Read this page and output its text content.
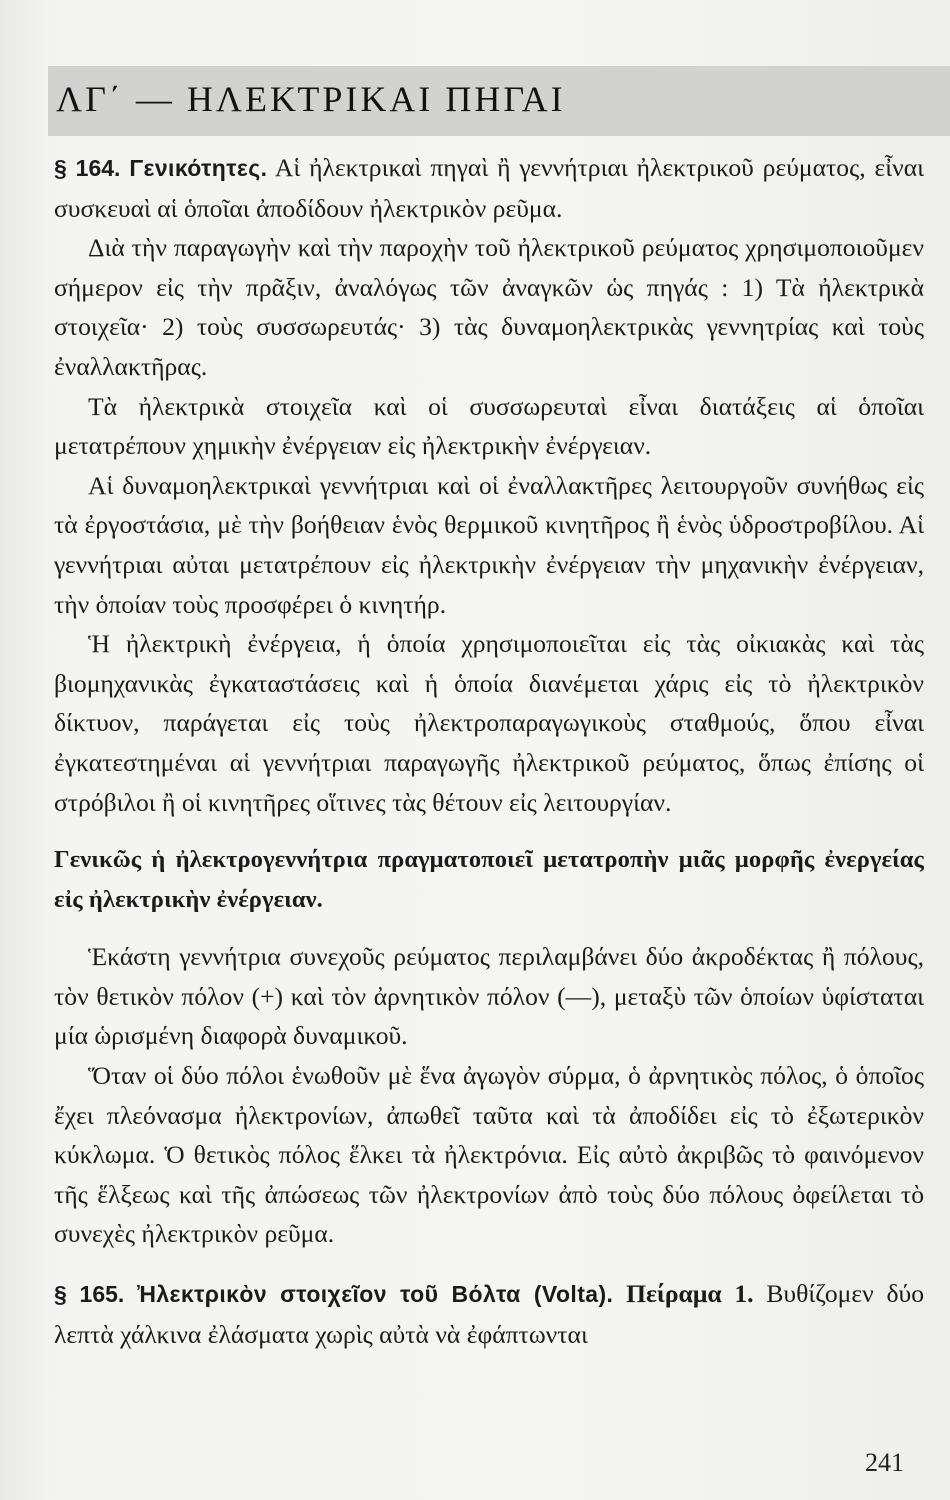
ΛΓ΄ — ΗΛΕΚΤΡΙΚΑΙ ΠΗΓΑΙ

§ 164. Γενικότητες. Αἱ ἠλεκτρικαὶ πηγαὶ ἢ γεννήτριαι ἠλεκτρικοῦ ρεύματος, εἶναι συσκευαὶ αἱ ὁποῖαι ἀποδίδουν ἠλεκτρικὸν ρεῦμα.

Διὰ τὴν παραγωγὴν καὶ τὴν παροχὴν τοῦ ἠλεκτρικοῦ ρεύματος χρησιμοποιοῦμεν σήμερον εἰς τὴν πρᾶξιν, ἀναλόγως τῶν ἀναγκῶν ὡς πηγάς : 1) Τὰ ἠλεκτρικὰ στοιχεῖα· 2) τοὺς συσσωρευτάς· 3) τὰς δυναμοηλεκτρικὰς γεννητρίας καὶ τοὺς ἐναλλακτῆρας.

Τὰ ἠλεκτρικὰ στοιχεῖα καὶ οἱ συσσωρευταὶ εἶναι διατάξεις αἱ ὁποῖαι μετατρέπουν χημικὴν ἐνέργειαν εἰς ἠλεκτρικὴν ἐνέργειαν.

Αἱ δυναμοηλεκτρικαὶ γεννήτριαι καὶ οἱ ἐναλλακτῆρες λειτουργοῦν συνήθως εἰς τὰ ἐργοστάσια, μὲ τὴν βοήθειαν ἑνὸς θερμικοῦ κινητῆρος ἢ ἑνὸς ὑδροστροβίλου. Αἱ γεννήτριαι αὐται μετατρέπουν εἰς ἠλεκτρικὴν ἐνέργειαν τὴν μηχανικὴν ἐνέργειαν, τὴν ὁποίαν τοὺς προσφέρει ὁ κινητήρ.

Ἡ ἠλεκτρικὴ ἐνέργεια, ἡ ὁποία χρησιμοποιεῖται εἰς τὰς οἰκιακὰς καὶ τὰς βιομηχανικὰς ἐγκαταστάσεις καὶ ἡ ὁποία διανέμεται χάρις εἰς τὸ ἠλεκτρικὸν δίκτυον, παράγεται εἰς τοὺς ἠλεκτροπαραγωγικοὺς σταθμούς, ὅπου εἶναι ἐγκατεστημέναι αἱ γεννήτριαι παραγωγῆς ἠλεκτρικοῦ ρεύματος, ὅπως ἐπίσης οἱ στρόβιλοι ἢ οἱ κινητῆρες οἵτινες τὰς θέτουν εἰς λειτουργίαν.

Γενικῶς ἡ ἠλεκτρογεννήτρια πραγματοποιεῖ μετατροπὴν μιᾶς μορφῆς ἐνεργείας εἰς ἠλεκτρικὴν ἐνέργειαν.

Ἑκάστη γεννήτρια συνεχοῦς ρεύματος περιλαμβάνει δύο ἀκροδέκτας ἢ πόλους, τὸν θετικὸν πόλον (+) καὶ τὸν ἀρνητικὸν πόλον (—), μεταξὺ τῶν ὁποίων ὑφίσταται μία ὡρισμένη διαφορὰ δυναμικοῦ.

Ὅταν οἱ δύο πόλοι ἑνωθοῦν μὲ ἕνα ἀγωγὸν σύρμα, ὁ ἀρνητικὸς πόλος, ὁ ὁποῖος ἔχει πλεόνασμα ἠλεκτρονίων, ἀπωθεῖ ταῦτα καὶ τὰ ἀποδίδει εἰς τὸ ἐξωτερικὸν κύκλωμα. Ὁ θετικὸς πόλος ἕλκει τὰ ἠλεκτρόνια. Εἰς αὐτὸ ἀκριβῶς τὸ φαινόμενον τῆς ἕλξεως καὶ τῆς ἀπώσεως τῶν ἠλεκτρονίων ἀπὸ τοὺς δύο πόλους ὀφείλεται τὸ συνεχὲς ἠλεκτρικὸν ρεῦμα.

§ 165. Ἠλεκτρικὸν στοιχεῖον τοῦ Βόλτα (Volta). Πείραμα 1. Βυθίζομεν δύο λεπτὰ χάλκινα ἐλάσματα χωρὶς αὐτὰ νὰ ἐφάπτωνται

241
